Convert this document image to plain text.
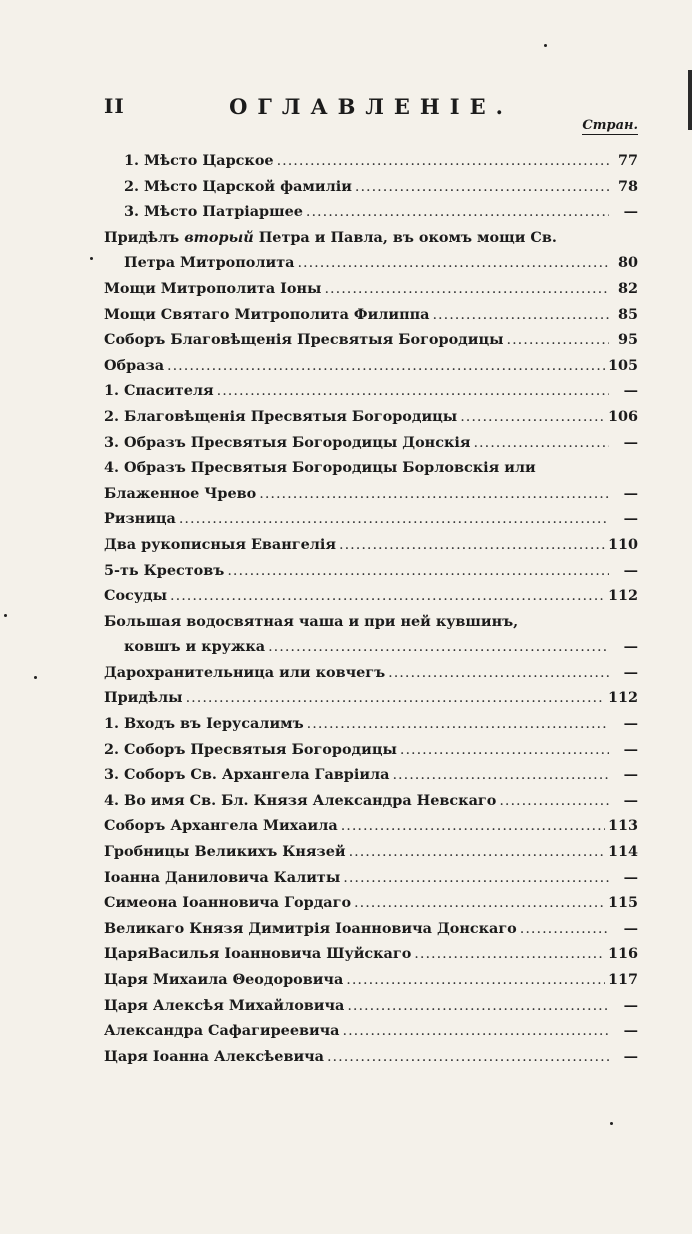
II	ОГЛАВЛЕНІЕ.
Стран.
1. Мѣсто Царское .....	77
2. Мѣсто Царской фамиліи .....	78
3. Мѣсто Патріаршее .....	—
Придѣлъ вторый Петра и Павла, въ окомъ мощи Св.
Петра Митрополита .....	80
Мощи Митрополита Іоны .....	82
Мощи Святаго Митрополита Филиппа .....	85
Соборъ Благовѣщенія Пресвятыя Богородицы .....	95
Образа .....	105
1. Спасителя .....	—
2. Благовѣщенія Пресвятыя Богородицы .....	106
3. Образъ Пресвятыя Богородицы Донскія .....	—
4. Образъ Пресвятыя Богородицы Борловскія или
Блаженное Чрево .....	—
Ризница .....	—
Два рукописныя Евангелія .....	110
5-ть Крестовъ .....	—
Сосуды .....	112
Большая водосвятная чаша и при ней кувшинъ,
ковшъ и кружка .....	—
Дарохранительница или ковчегъ .....	—
Придѣлы .....	112
1. Входъ въ Іерусалимъ .....	—
2. Соборъ Пресвятыя Богородицы .....	—
3. Соборъ Св. Архангела Гавріила .....	—
4. Во имя Св. Бл. Князя Александра Невскаго .....	—
Соборъ Архангела Михаила .....	113
Гробницы Великихъ Князей .....	114
Іоанна Даниловича Калиты .....	—
Симеона Іоанновича Гордаго .....	115
Великаго Князя Димитрія Іоанновича Донскаго .....	—
ЦаряВасилья Іоанновича Шуйскаго .....	116
Царя Михаила Θеодоровича .....	117
Царя Алексѣя Михайловича .....	—
Александра Сафагиреевича .....	—
Царя Іоанна Алексѣевича .....	—
